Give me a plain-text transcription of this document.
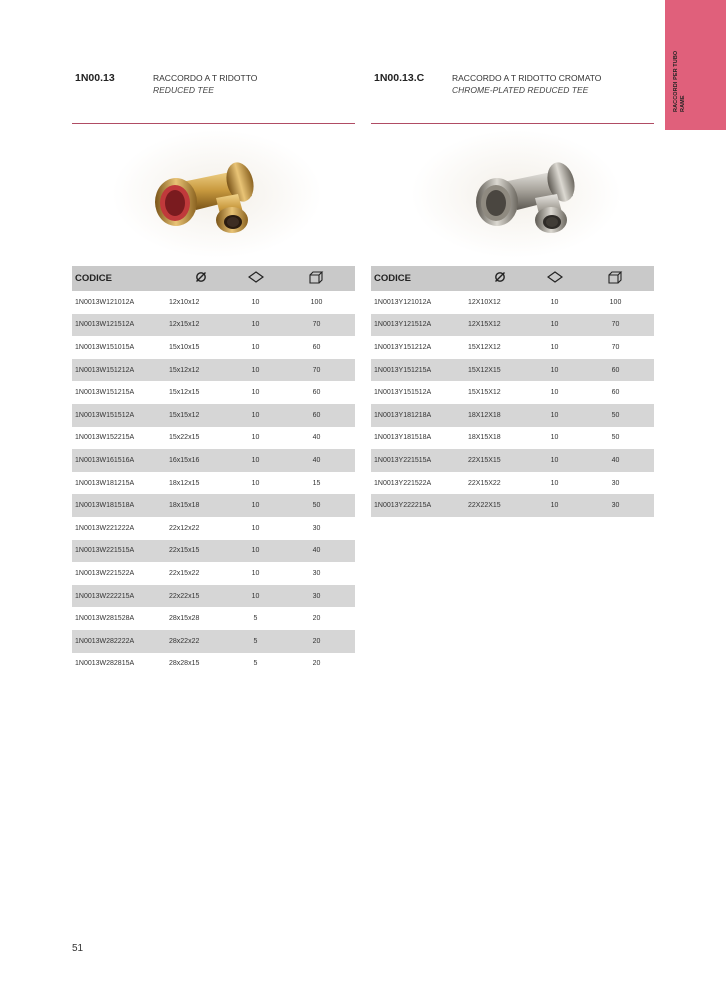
RACCORDI PER TUBO RAME
1N00.13	RACCORDO A T RIDOTTO
REDUCED TEE
CODICE			
1N0013W121012A	12x10x12	10	100
1N0013W121512A	12x15x12	10	70
1N0013W151015A	15x10x15	10	60
1N0013W151212A	15x12x12	10	70
1N0013W151215A	15x12x15	10	60
1N0013W151512A	15x15x12	10	60
1N0013W152215A	15x22x15	10	40
1N0013W161516A	16x15x16	10	40
1N0013W181215A	18x12x15	10	15
1N0013W181518A	18x15x18	10	50
1N0013W221222A	22x12x22	10	30
1N0013W221515A	22x15x15	10	40
1N0013W221522A	22x15x22	10	30
1N0013W222215A	22x22x15	10	30
1N0013W281528A	28x15x28	5	20
1N0013W282222A	28x22x22	5	20
1N0013W282815A	28x28x15	5	20
1N00.13.C	RACCORDO A T RIDOTTO CROMATO
CHROME-PLATED REDUCED TEE
CODICE			
1N0013Y121012A	12X10X12	10	100
1N0013Y121512A	12X15X12	10	70
1N0013Y151212A	15X12X12	10	70
1N0013Y151215A	15X12X15	10	60
1N0013Y151512A	15X15X12	10	60
1N0013Y181218A	18X12X18	10	50
1N0013Y181518A	18X15X18	10	50
1N0013Y221515A	22X15X15	10	40
1N0013Y221522A	22X15X22	10	30
1N0013Y222215A	22X22X15	10	30
51
